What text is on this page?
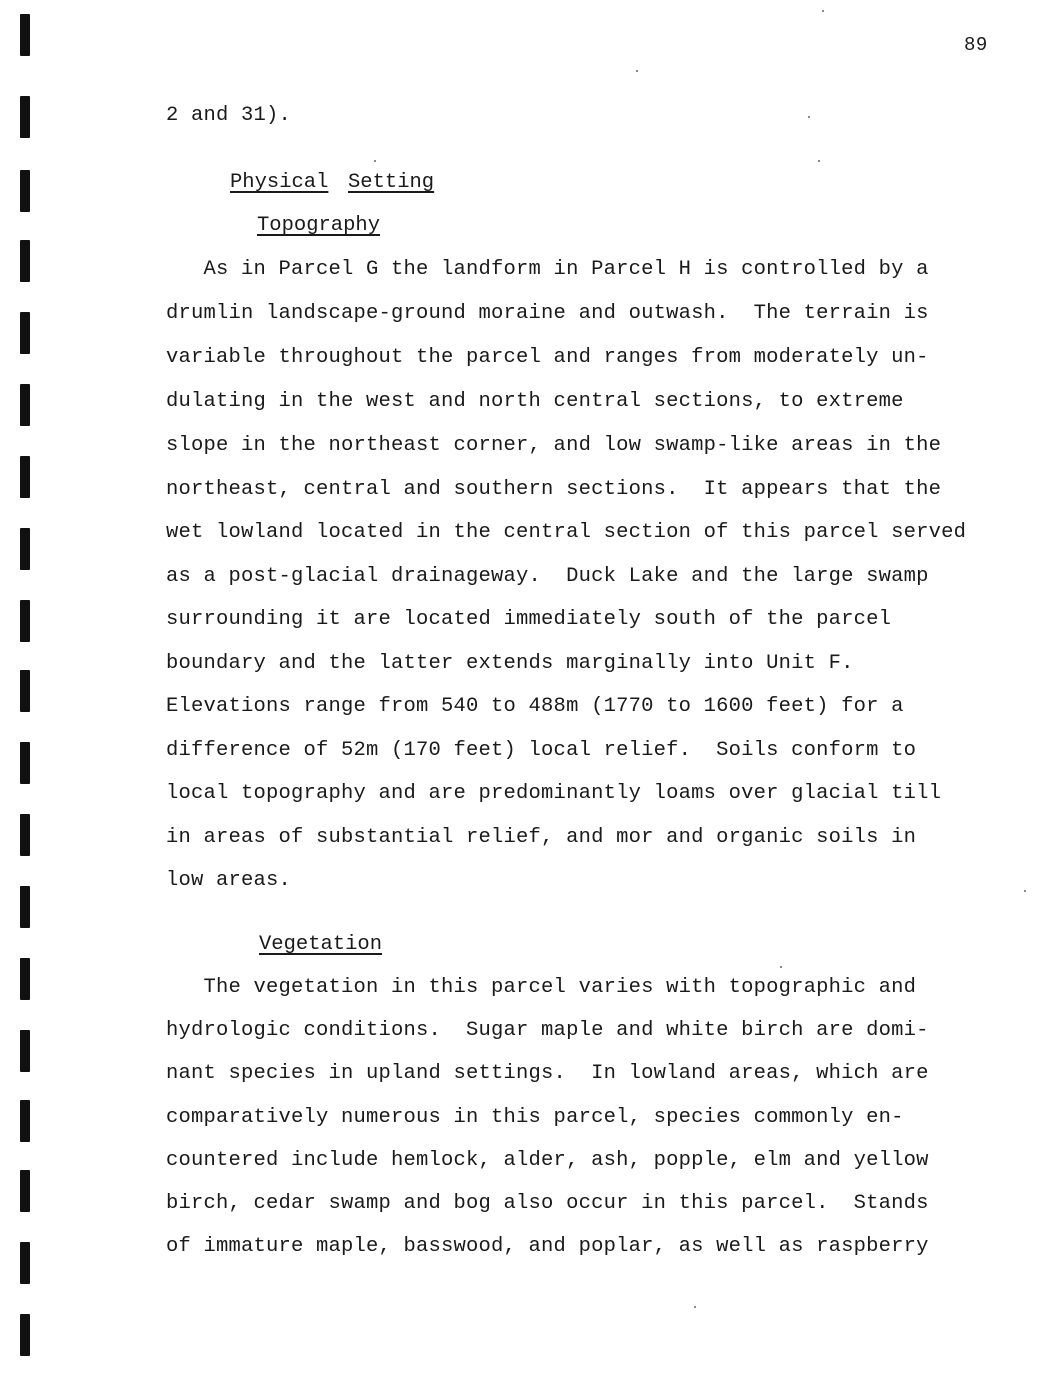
89
2 and 31).
Physical Setting
Topography
As in Parcel G the landform in Parcel H is controlled by a
drumlin landscape-ground moraine and outwash.  The terrain is
variable throughout the parcel and ranges from moderately un-
dulating in the west and north central sections, to extreme
slope in the northeast corner, and low swamp-like areas in the
northeast, central and southern sections.  It appears that the
wet lowland located in the central section of this parcel served
as a post-glacial drainageway.  Duck Lake and the large swamp
surrounding it are located immediately south of the parcel
boundary and the latter extends marginally into Unit F.
Elevations range from 540 to 488m (1770 to 1600 feet) for a
difference of 52m (170 feet) local relief.  Soils conform to
local topography and are predominantly loams over glacial till
in areas of substantial relief, and mor and organic soils in
low areas.
Vegetation
The vegetation in this parcel varies with topographic and
hydrologic conditions.  Sugar maple and white birch are domi-
nant species in upland settings.  In lowland areas, which are
comparatively numerous in this parcel, species commonly en-
countered include hemlock, alder, ash, popple, elm and yellow
birch, cedar swamp and bog also occur in this parcel.  Stands
of immature maple, basswood, and poplar, as well as raspberry
